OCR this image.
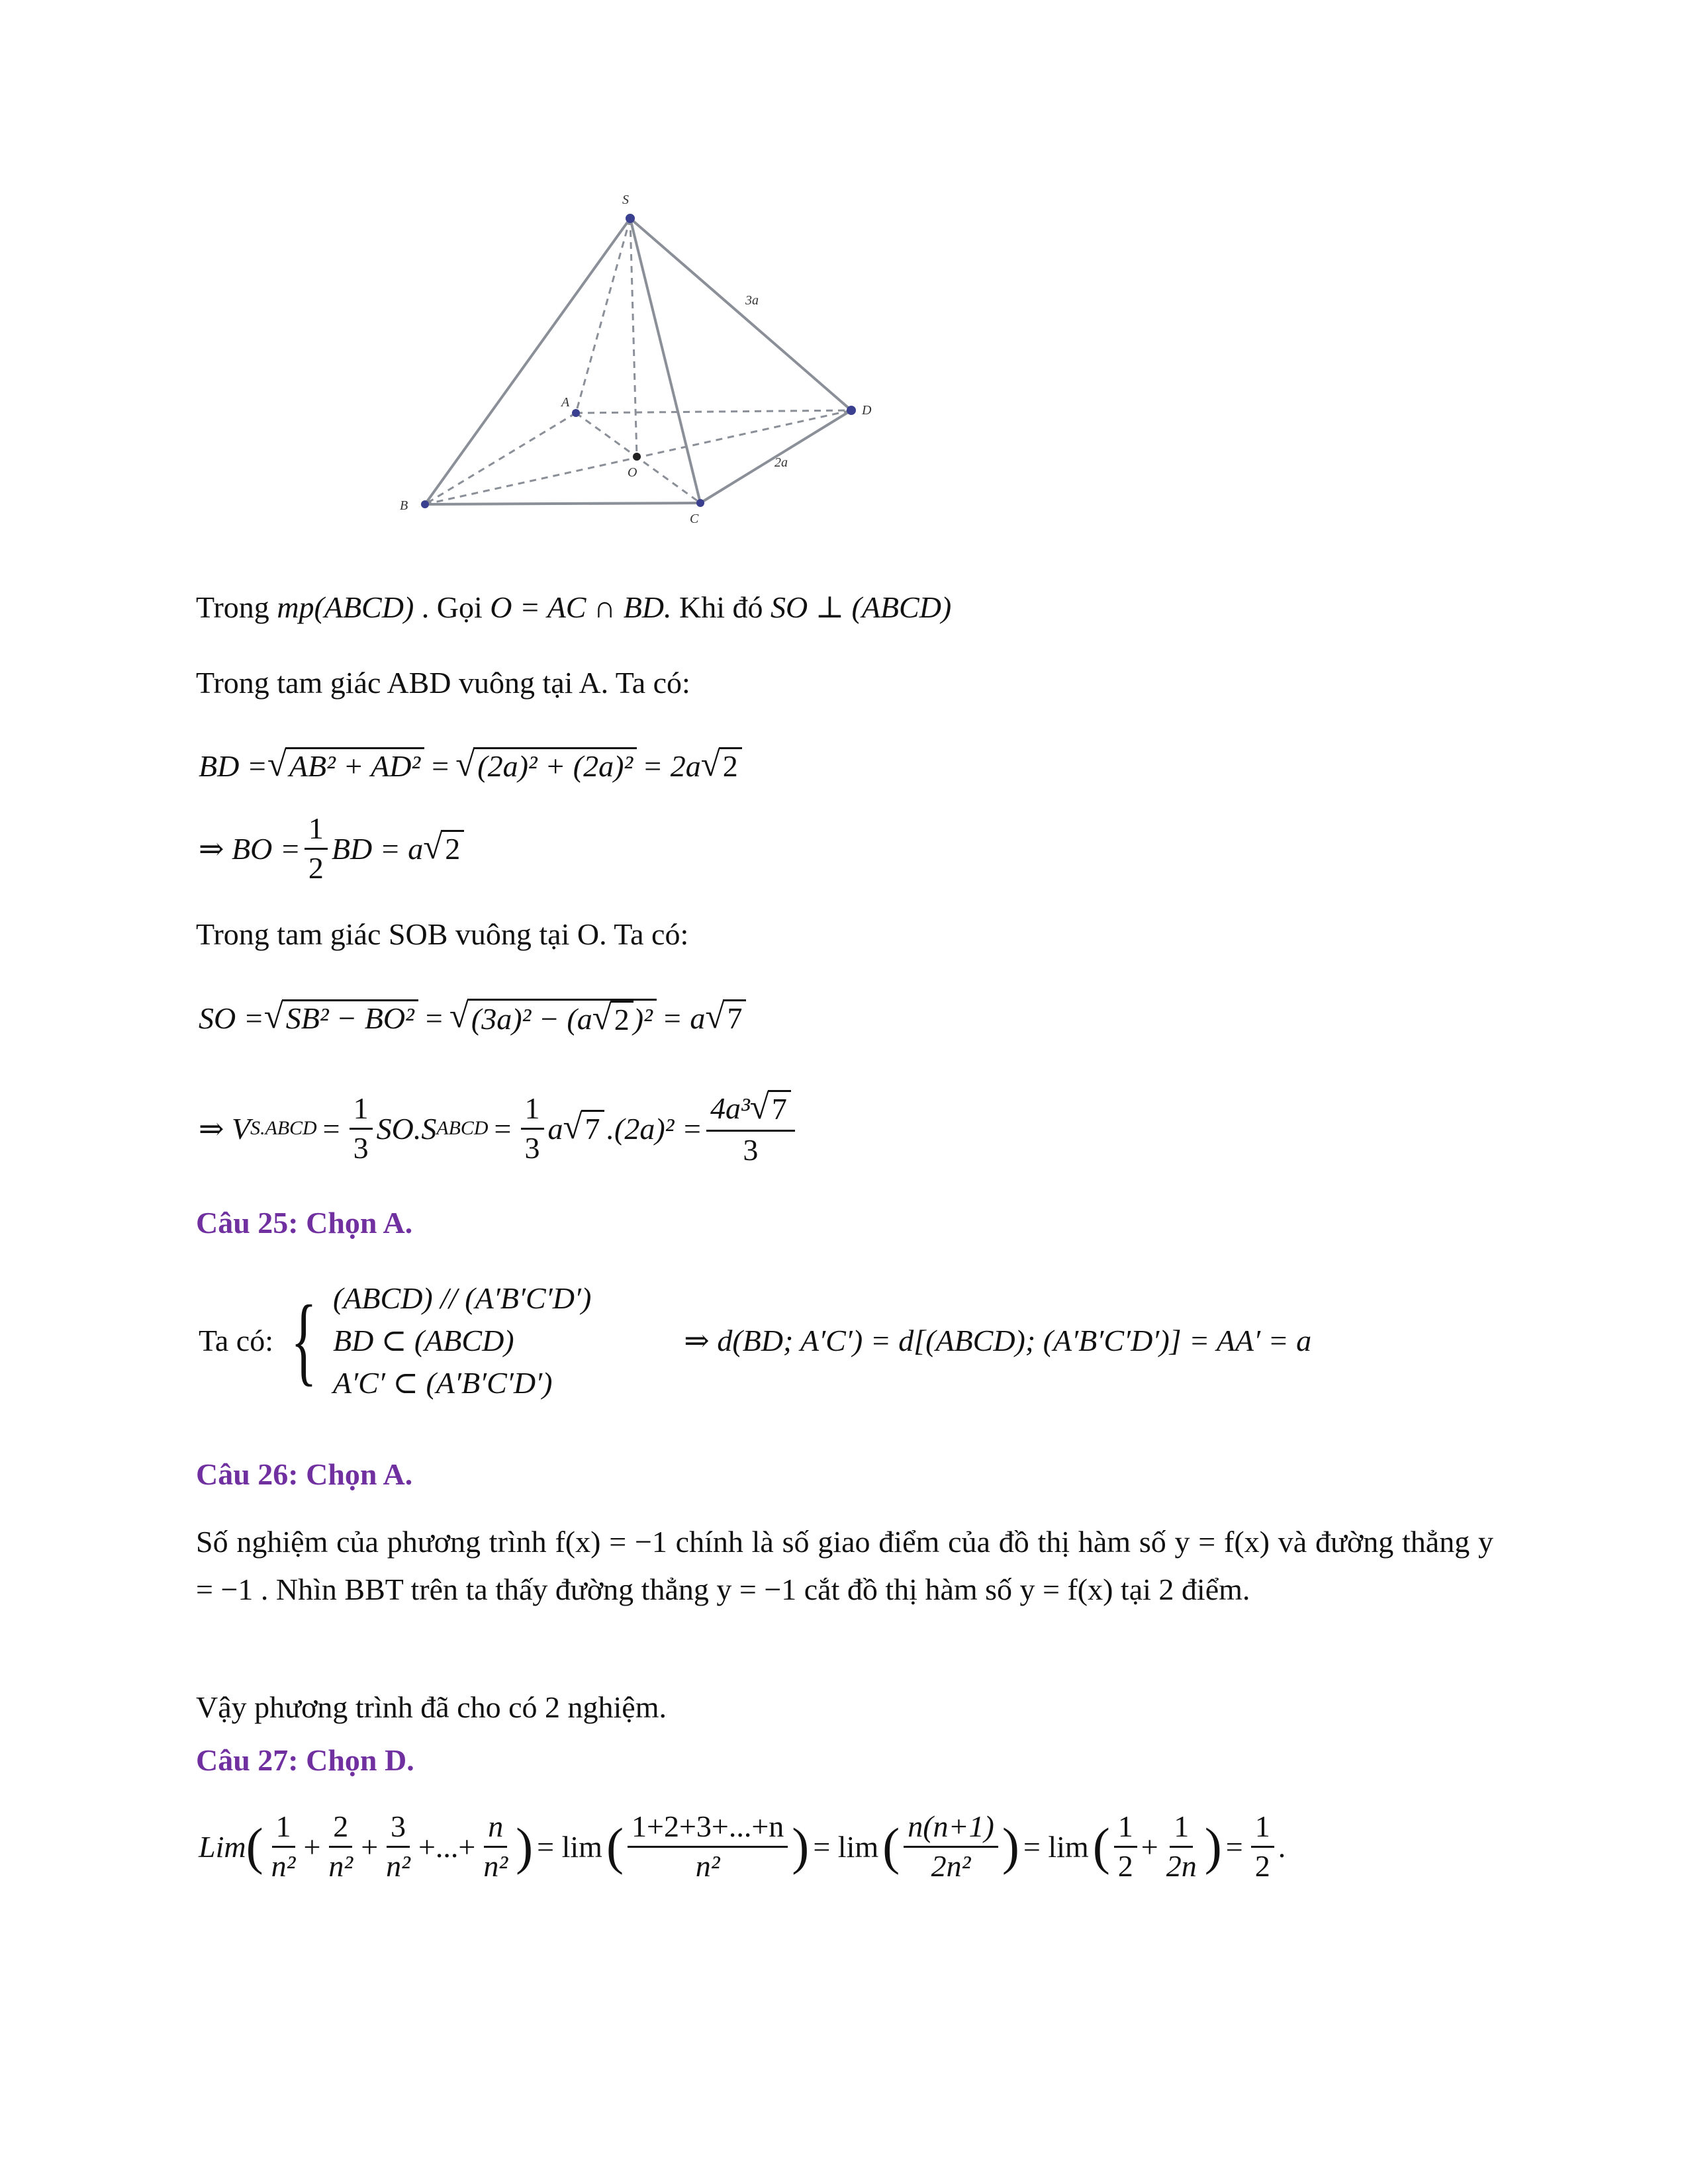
S
A
B
C
D
O
3a
2a
Trong mp(ABCD) . Gọi O = AC ∩ BD. Khi đó SO ⊥ (ABCD)
Trong tam giác ABD vuông tại A. Ta có:
BD = √ AB² + AD² = √ (2a)² + (2a)² = 2a √ 2
⇒ BO = $\frac{1}{2}$ BD = a √ 2
Trong tam giác SOB vuông tại O. Ta có:
SO = √ SB² − BO² = √ (3a)² − (a √ 2 )² = a √ 7
⇒ V S.ABCD = $\frac{1}{3} SO.S$ ABCD = $\frac{1}{3}$ a √ 7 $.(2a)^2 = \frac{\text{4a³ √ 7}}{3}$
Câu 25: Chọn A.
Ta có: { (ABCD) // (A′B′C′D′)
BD ⊂ (ABCD)
A′C′ ⊂ (A′B′C′D′)
⇒ d(BD; A′C′) = d[(ABCD); (A′B′C′D′)] = AA′ = a
Câu 26: Chọn A.
Số nghiệm của phương trình f(x) = −1 chính là số giao điểm của đồ thị hàm số y = f(x) và đường thẳng y = −1 . Nhìn BBT trên ta thấy đường thẳng y = −1 cắt đồ thị hàm số y = f(x) tại 2 điểm.
Vậy phương trình đã cho có 2 nghiệm.
Câu 27: Chọn D.
Lim ( $\frac{1}{\text{n²}} + \frac{2}{\text{n²}} + \frac{3}{\text{n²}}$ +...+ $\frac{n}{\text{n²}}$ ) = lim ( $\frac{1+2+3+...+n}{\text{n²}}$ ) = lim ( $\frac{n(n+1)}{\text{2n²}}$ ) = lim ( $\frac{1}{2} + \frac{1}{2n}$ ) = $\frac{1}{2}$ .
